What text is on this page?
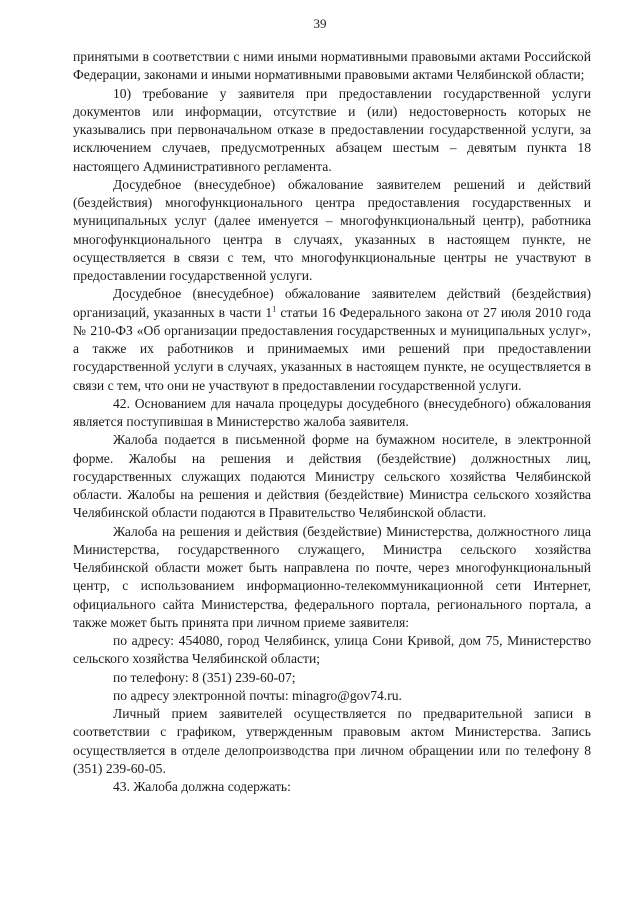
39

принятыми в соответствии с ними иными нормативными правовыми актами Российской Федерации, законами и иными нормативными правовыми актами Челябинской области;

10) требование у заявителя при предоставлении государственной услуги документов или информации, отсутствие и (или) недостоверность которых не указывались при первоначальном отказе в предоставлении государственной услуги, за исключением случаев, предусмотренных абзацем шестым – девятым пункта 18 настоящего Административного регламента.

Досудебное (внесудебное) обжалование заявителем решений и действий (бездействия) многофункционального центра предоставления государственных и муниципальных услуг (далее именуется – многофункциональный центр), работника многофункционального центра в случаях, указанных в настоящем пункте, не осуществляется в связи с тем, что многофункциональные центры не участвуют в предоставлении государственной услуги.

Досудебное (внесудебное) обжалование заявителем действий (бездействия) организаций, указанных в части $1^1$ статьи 16 Федерального закона от 27 июля 2010 года № 210-ФЗ «Об организации предоставления государственных и муниципальных услуг», а также их работников и принимаемых ими решений при предоставлении государственной услуги в случаях, указанных в настоящем пункте, не осуществляется в связи с тем, что они не участвуют в предоставлении государственной услуги.

42. Основанием для начала процедуры досудебного (внесудебного) обжалования является поступившая в Министерство жалоба заявителя.

Жалоба подается в письменной форме на бумажном носителе, в электронной форме. Жалобы на решения и действия (бездействие) должностных лиц, государственных служащих подаются Министру сельского хозяйства Челябинской области. Жалобы на решения и действия (бездействие) Министра сельского хозяйства Челябинской области подаются в Правительство Челябинской области.

Жалоба на решения и действия (бездействие) Министерства, должностного лица Министерства, государственного служащего, Министра сельского хозяйства Челябинской области может быть направлена по почте, через многофункциональный центр, с использованием информационно-телекоммуникационной сети Интернет, официального сайта Министерства, федерального портала, регионального портала, а также может быть принята при личном приеме заявителя:

по адресу: 454080, город Челябинск, улица Сони Кривой, дом 75, Министерство сельского хозяйства Челябинской области;

по телефону: 8 (351) 239-60-07;

по адресу электронной почты: minagro@gov74.ru.

Личный прием заявителей осуществляется по предварительной записи в соответствии с графиком, утвержденным правовым актом Министерства. Запись осуществляется в отделе делопроизводства при личном обращении или по телефону 8 (351) 239-60-05.

43. Жалоба должна содержать:
